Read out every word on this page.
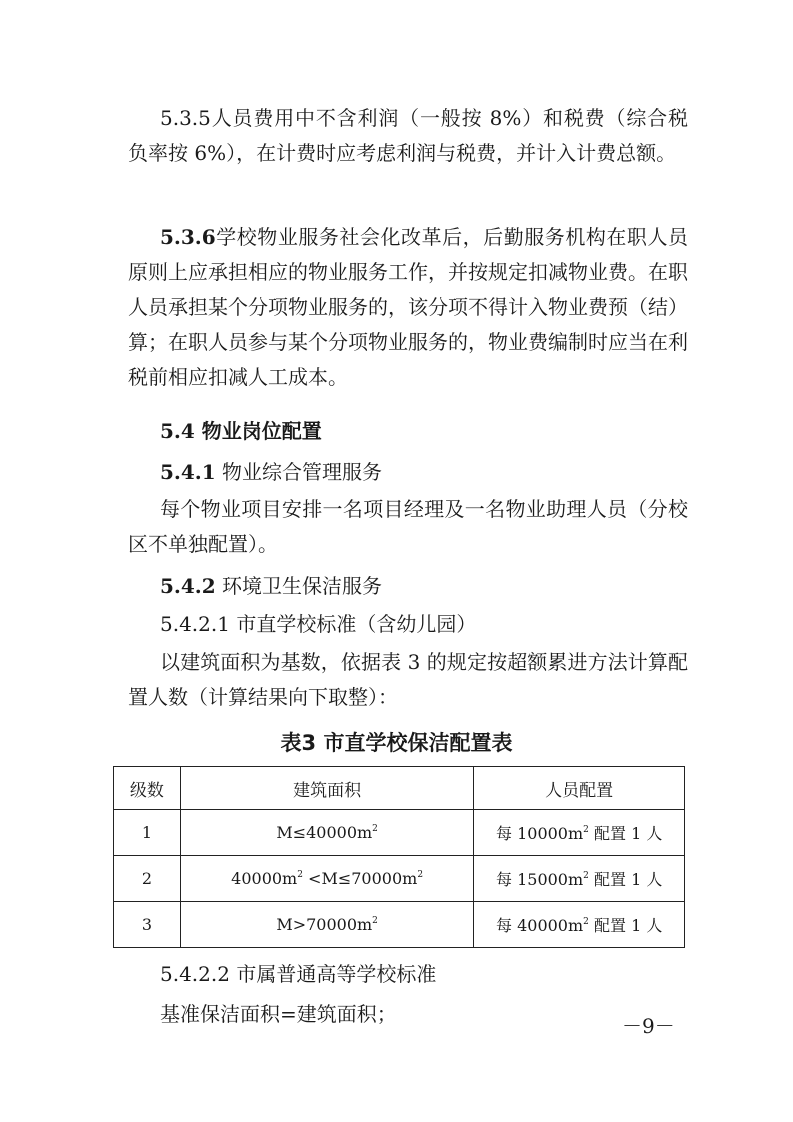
5.3.5人员费用中不含利润（一般按 8%）和税费（综合税负率按 6%），在计费时应考虑利润与税费，并计入计费总额。
5.3.6学校物业服务社会化改革后，后勤服务机构在职人员原则上应承担相应的物业服务工作，并按规定扣减物业费。在职人员承担某个分项物业服务的，该分项不得计入物业费预（结）算；在职人员参与某个分项物业服务的，物业费编制时应当在利税前相应扣减人工成本。
5.4 物业岗位配置
5.4.1 物业综合管理服务
每个物业项目安排一名项目经理及一名物业助理人员（分校区不单独配置）。
5.4.2 环境卫生保洁服务
5.4.2.1 市直学校标准（含幼儿园）
以建筑面积为基数，依据表 3 的规定按超额累进方法计算配置人数（计算结果向下取整）：
表3 市直学校保洁配置表
级数	建筑面积	人员配置
1	$M\le 40000m^2$	每 $10000m^2$ 配置 1 人
2	$40000m^2 <M\le 70000m^2$	每 $15000m^2$ 配置 1 人
3	$M>70000m^2$	每 $40000m^2$ 配置 1 人
5.4.2.2 市属普通高等学校标准
基准保洁面积=建筑面积；	－9－
